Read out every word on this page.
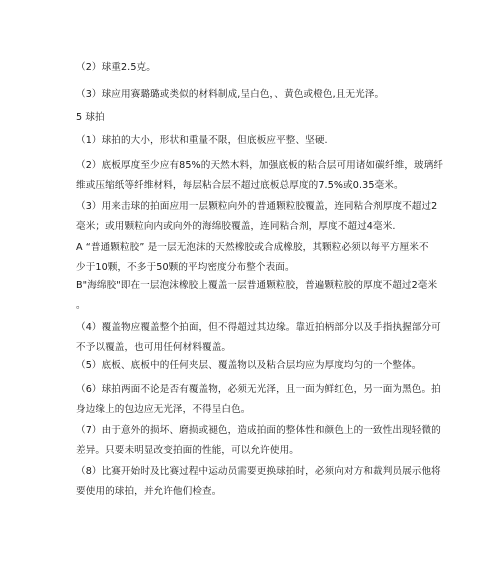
（2）球重2.5克。
（3）球应用赛璐璐或类似的材料制成,呈白色，、黄色或橙色,且无光泽。
5 球拍
（1）球拍的大小，形状和重量不限，但底板应平整、坚硬.
（2）底板厚度至少应有85%的天然木料，加强底板的粘合层可用诸如碳纤维，玻璃纤
维或压缩纸等纤维材料，每层粘合层不超过底板总厚度的7.5%或0.35毫米。
（3）用来击球的拍面应用一层颗粒向外的普通颗粒胶覆盖，连同粘合剂厚度不超过2
毫米；或用颗粒向内或向外的海绵胶覆盖，连同粘合剂，厚度不超过4毫米.
A “普通颗粒胶” 是一层无泡沫的天然橡胶或合成橡胶，其颗粒必须以每平方厘米不
少于10颗，不多于50颗的平均密度分布整个表面。
B"海绵胶"即在一层泡沫橡胶上覆盖一层普通颗粒胶，普遍颗粒胶的厚度不超过2毫米
。
（4）覆盖物应覆盖整个拍面，但不得超过其边缘。靠近拍柄部分以及手指执握部分可
不予以覆盖，也可用任何材料覆盖。
（5）底板、底板中的任何夹层、覆盖物以及粘合层均应为厚度均匀的一个整体。
（6）球拍两面不论是否有覆盖物，必须无光泽，且一面为鲜红色，另一面为黑色。拍
身边缘上的包边应无光泽，不得呈白色。
（7）由于意外的损坏、磨损或褪色，造成拍面的整体性和颜色上的一致性出现轻微的
差异。只要未明显改变拍面的性能，可以允许使用。
（8）比赛开始时及比赛过程中运动员需要更换球拍时，必须向对方和裁判员展示他将
要使用的球拍，并允许他们检查。
